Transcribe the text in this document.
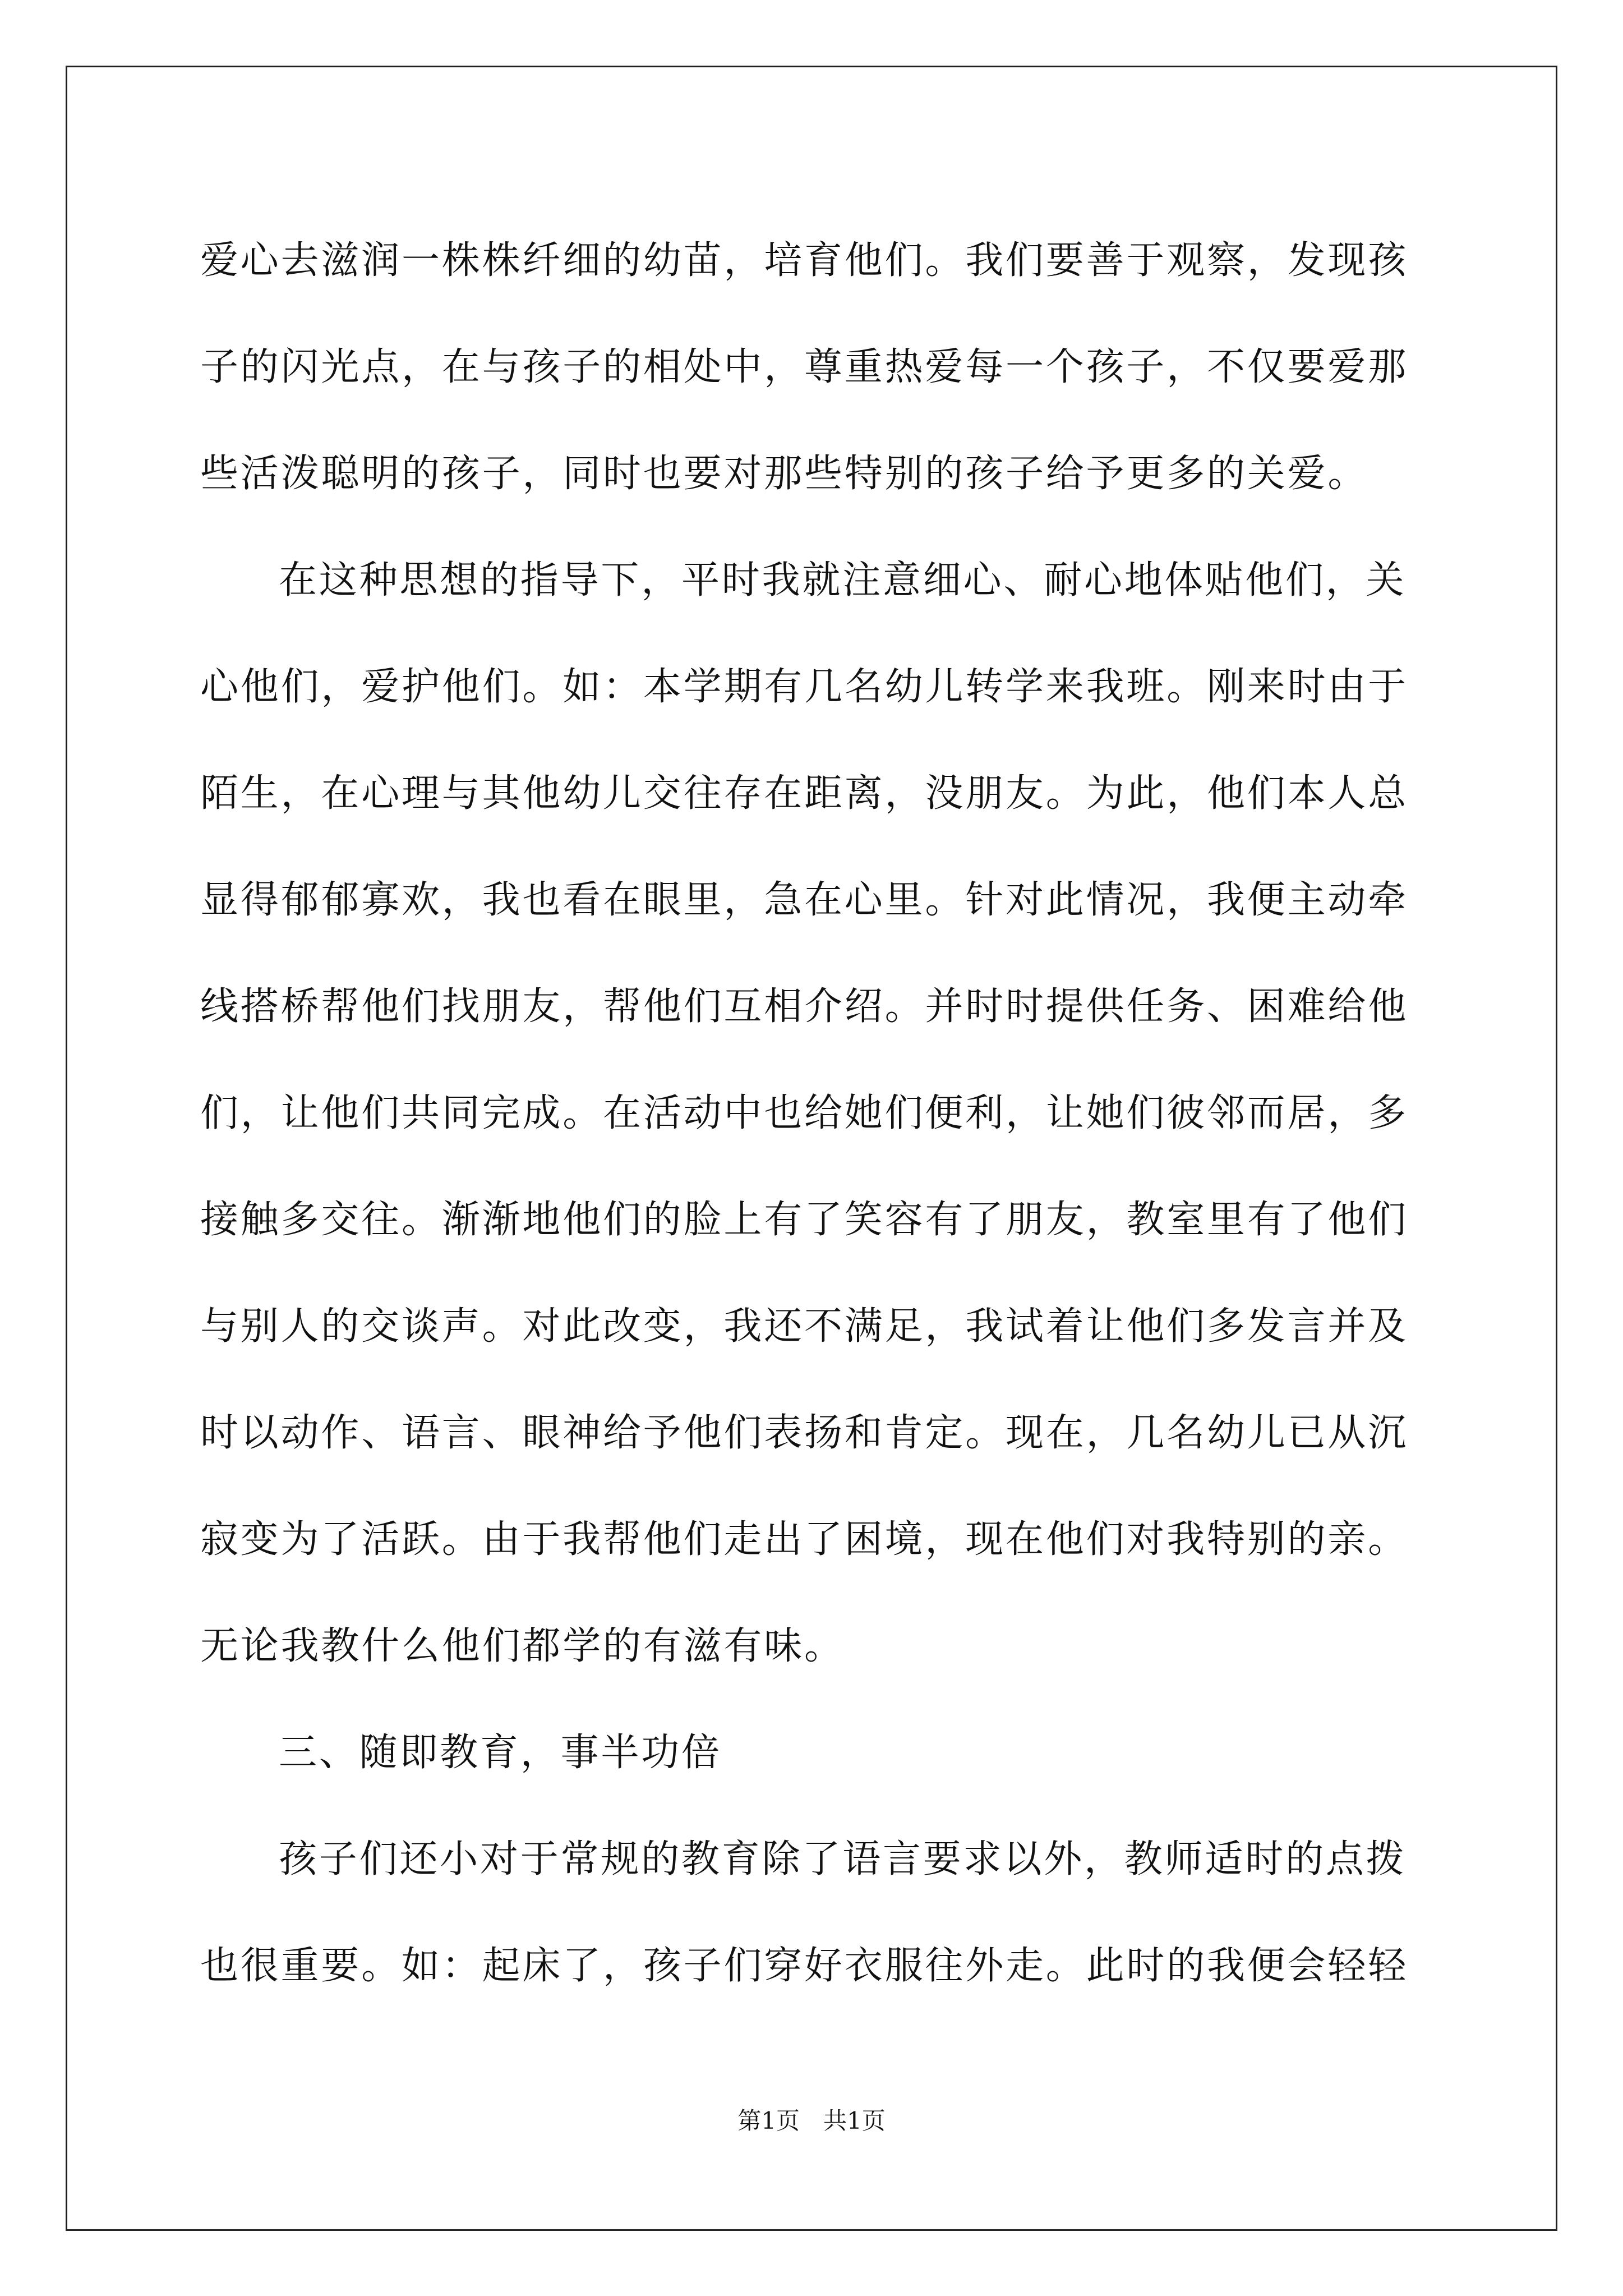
爱心去滋润一株株纤细的幼苗，培育他们。我们要善于观察，发现孩
子的闪光点，在与孩子的相处中，尊重热爱每一个孩子，不仅要爱那
些活泼聪明的孩子，同时也要对那些特别的孩子给予更多的关爱。
在这种思想的指导下，平时我就注意细心、耐心地体贴他们，关
心他们，爱护他们。如：本学期有几名幼儿转学来我班。刚来时由于
陌生，在心理与其他幼儿交往存在距离，没朋友。为此，他们本人总
显得郁郁寡欢，我也看在眼里，急在心里。针对此情况，我便主动牵
线搭桥帮他们找朋友，帮他们互相介绍。并时时提供任务、困难给他
们，让他们共同完成。在活动中也给她们便利，让她们彼邻而居，多
接触多交往。渐渐地他们的脸上有了笑容有了朋友，教室里有了他们
与别人的交谈声。对此改变，我还不满足，我试着让他们多发言并及
时以动作、语言、眼神给予他们表扬和肯定。现在，几名幼儿已从沉
寂变为了活跃。由于我帮他们走出了困境，现在他们对我特别的亲。
无论我教什么他们都学的有滋有味。
三、随即教育，事半功倍
孩子们还小对于常规的教育除了语言要求以外，教师适时的点拨
也很重要。如：起床了，孩子们穿好衣服往外走。此时的我便会轻轻
第1页　共1页
